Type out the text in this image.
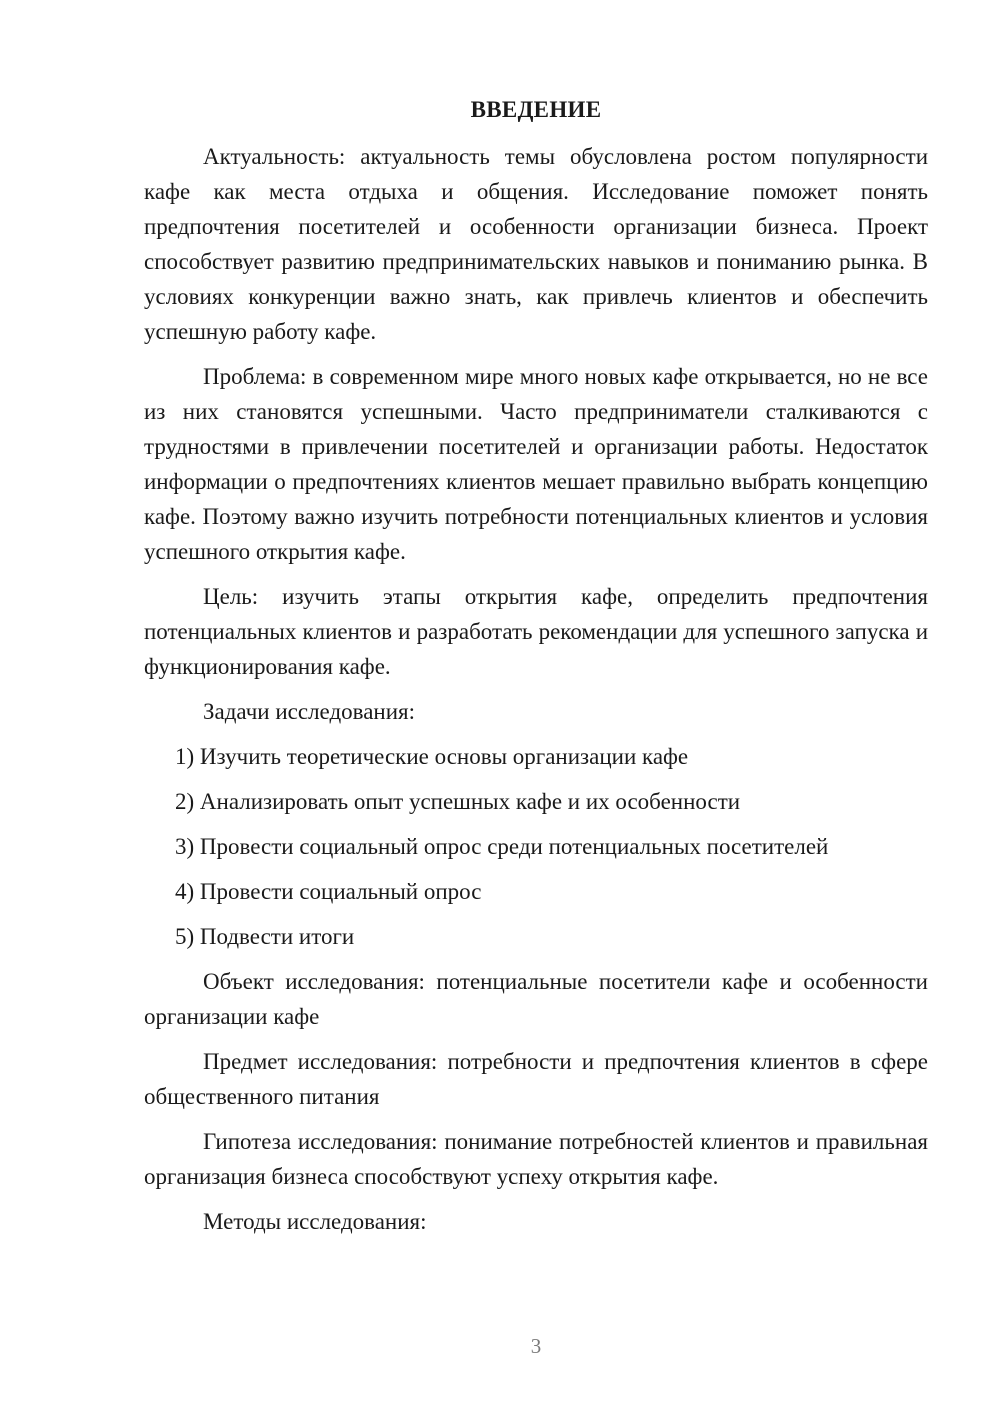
ВВЕДЕНИЕ

Актуальность: актуальность темы обусловлена ростом популярности кафе как места отдыха и общения. Исследование поможет понять предпочтения посетителей и особенности организации бизнеса. Проект способствует развитию предпринимательских навыков и пониманию рынка. В условиях конкуренции важно знать, как привлечь клиентов и обеспечить успешную работу кафе.

Проблема: в современном мире много новых кафе открывается, но не все из них становятся успешными. Часто предприниматели сталкиваются с трудностями в привлечении посетителей и организации работы. Недостаток информации о предпочтениях клиентов мешает правильно выбрать концепцию кафе. Поэтому важно изучить потребности потенциальных клиентов и условия успешного открытия кафе.

Цель: изучить этапы открытия кафе, определить предпочтения потенциальных клиентов и разработать рекомендации для успешного запуска и функционирования кафе.

Задачи исследования:

1) Изучить теоретические основы организации кафе
2) Анализировать опыт успешных кафе и их особенности
3) Провести социальный опрос среди потенциальных посетителей
4) Провести социальный опрос
5) Подвести итоги

Объект исследования: потенциальные посетители кафе и особенности организации кафе

Предмет исследования: потребности и предпочтения клиентов в сфере общественного питания

Гипотеза исследования: понимание потребностей клиентов и правильная организация бизнеса способствуют успеху открытия кафе.

Методы исследования:

3
